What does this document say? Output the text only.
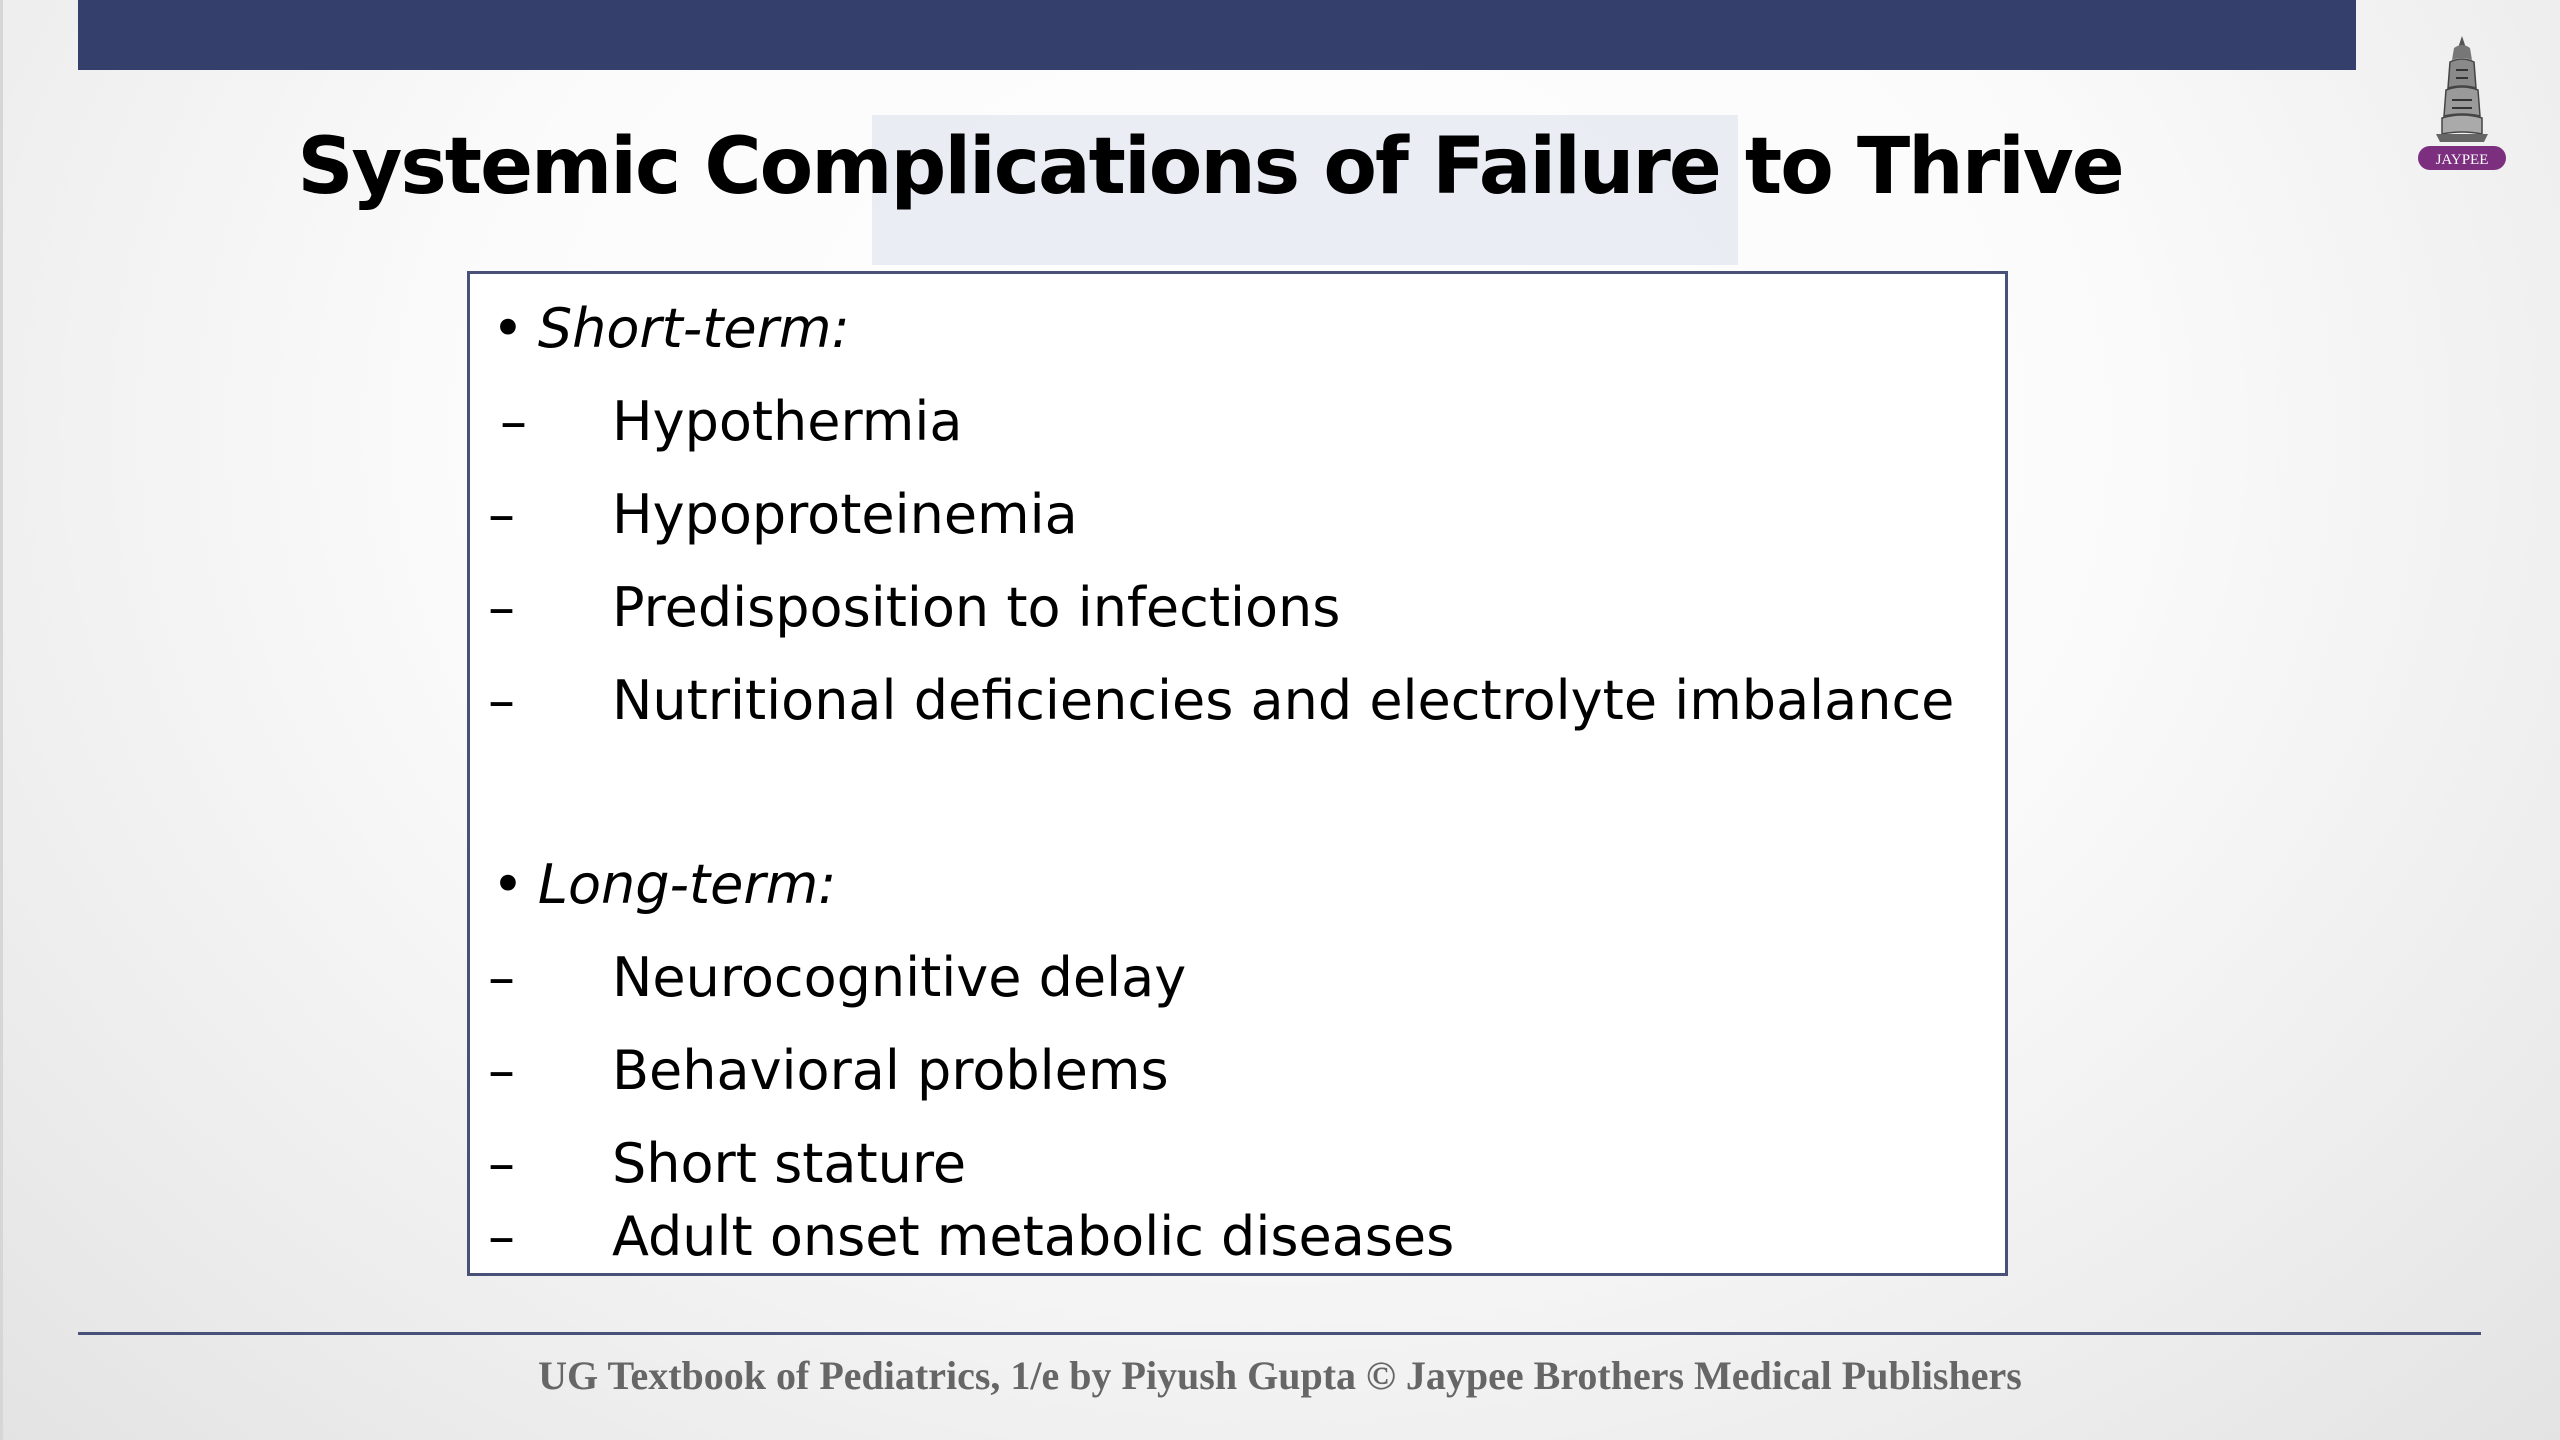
JAYPEE
Systemic Complications of Failure to Thrive
• Short-term:
– Hypothermia
– Hypoproteinemia
– Predisposition to infections
– Nutritional deficiencies and electrolyte imbalance
• Long-term:
– Neurocognitive delay
– Behavioral problems
– Short stature
– Adult onset metabolic diseases
UG Textbook of Pediatrics, 1/e by Piyush Gupta © Jaypee Brothers Medical Publishers
